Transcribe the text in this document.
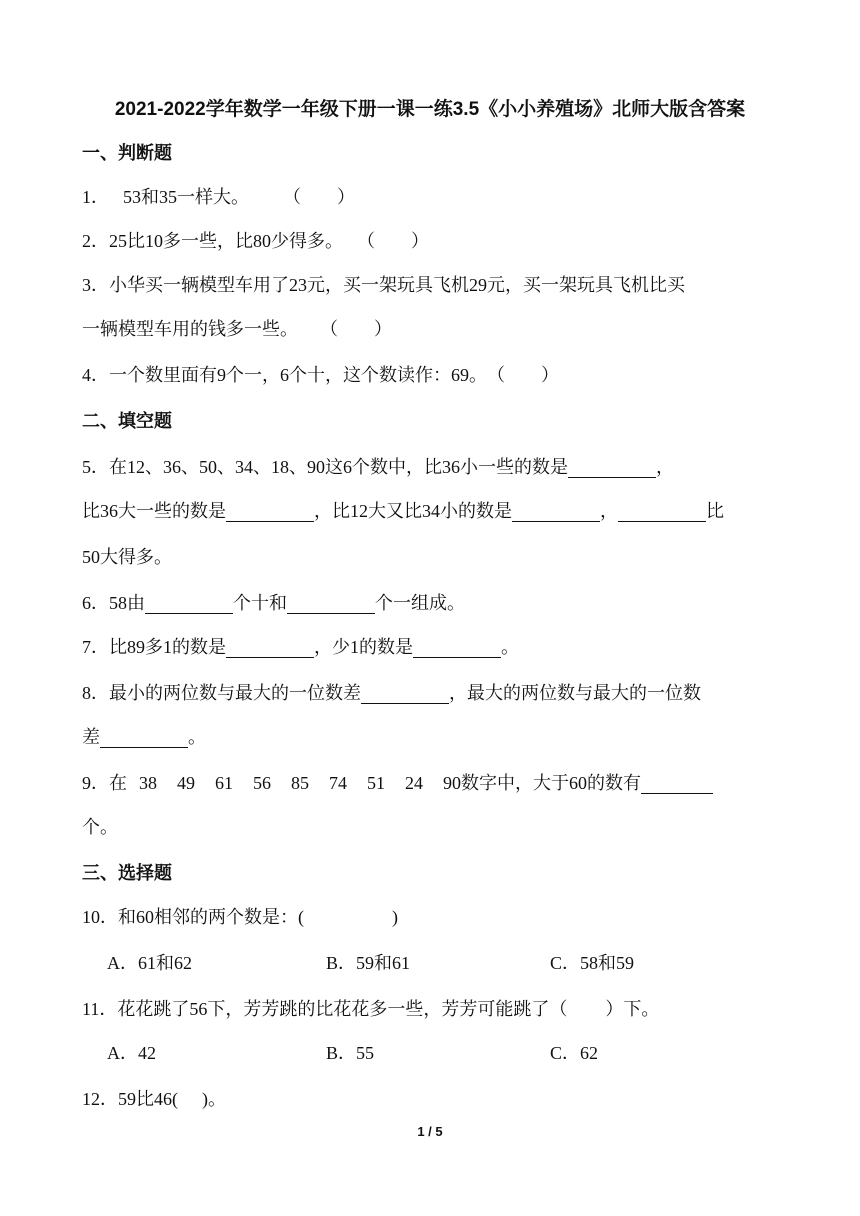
2021-2022学年数学一年级下册一课一练3.5《小小养殖场》北师大版含答案
一、判断题
1． 53和35一样大。 （　　）
2．25比10多一些，比80少得多。 （　　）
3．小华买一辆模型车用了23元，买一架玩具飞机29元，买一架玩具飞机比买
一辆模型车用的钱多一些。 （　　）
4．一个数里面有9个一，6个十，这个数读作：69。（　　）
二、填空题
5．在12、36、50、34、18、90这6个数中，比36小一些的数是	，
比36大一些的数是	，比12大又比34小的数是	，	比
50大得多。
6．58由	个十和	个一组成。
7．比89多1的数是	，少1的数是	。
8．最小的两位数与最大的一位数差	，最大的两位数与最大的一位数
差	。
9．在 38 49 61 56 85 74 51 24 90数字中，大于60的数有
个。
三、选择题
10．和60相邻的两个数是：(	)
A．61和62	B．59和61	C．58和59
11．花花跳了56下，芳芳跳的比花花多一些，芳芳可能跳了（ ）下。
A．42	B．55	C．62
12．59比46( )。
1 / 5
